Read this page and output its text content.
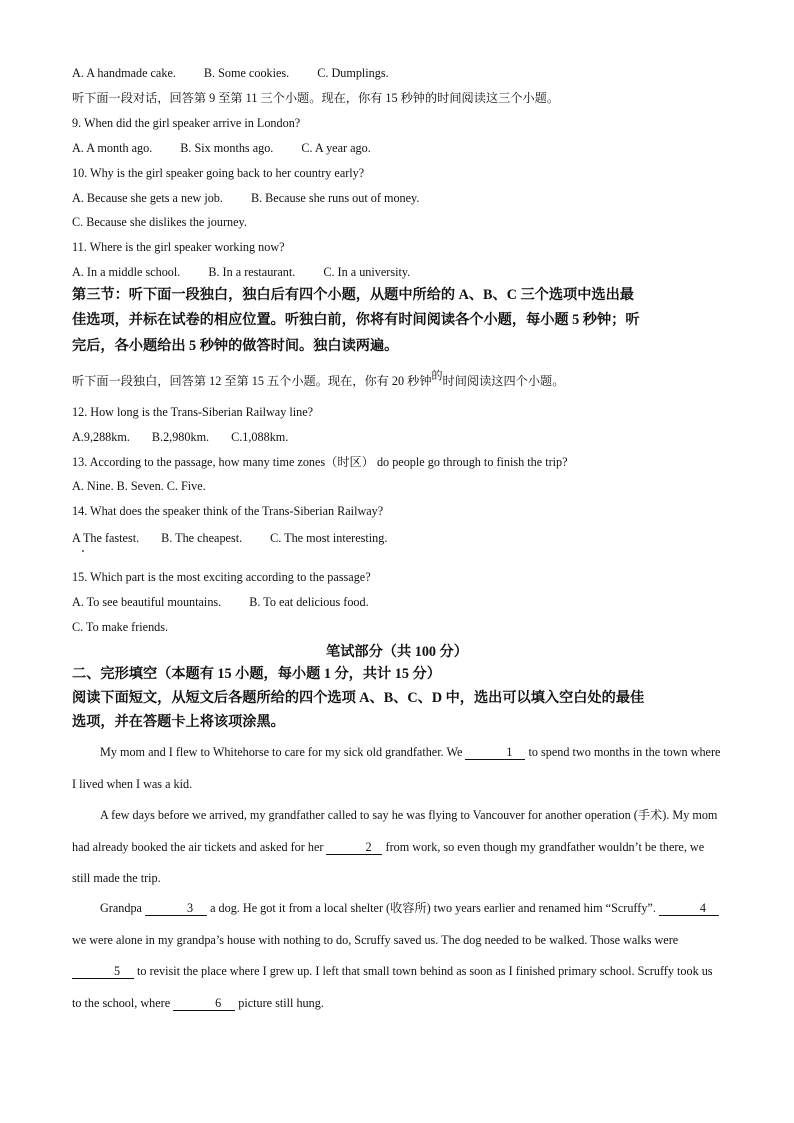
A. A handmade cake. B. Some cookies. C. Dumplings.
听下面一段对话，回答第 9 至第 11 三个小题。现在，你有 15 秒钟的时间阅读这三个小题。
9. When did the girl speaker arrive in London?
A. A month ago. B. Six months ago. C. A year ago.
10. Why is the girl speaker going back to her country early?
A. Because she gets a new job. B. Because she runs out of money.
C. Because she dislikes the journey.
11. Where is the girl speaker working now?
A. In a middle school. B. In a restaurant. C. In a university.
第三节：听下面一段独白，独白后有四个小题，从题中所给的 A、B、C 三个选项中选出最
佳选项，并标在试卷的相应位置。听独白前，你将有时间阅读各个小题，每小题 5 秒钟；听
完后，各小题给出 5 秒钟的做答时间。独白读两遍。
听下面一段独白，回答第 12 至第 15 五个小题。现在，你有 20 秒钟的时间阅读这四个小题。
12. How long is the Trans-Siberian Railway line?
A.9,288km. B.2,980km. C.1,088km.
13. According to the passage, how many time zones（时区） do people go through to finish the trip?
A. Nine. B. Seven. C. Five.
14. What does the speaker think of the Trans-Siberian Railway?
A The fastest. B. The cheapest. C. The most interesting.
15. Which part is the most exciting according to the passage?
A. To see beautiful mountains. B. To eat delicious food.
C. To make friends.
笔试部分（共 100 分）
二、完形填空（本题有 15 小题，每小题 1 分，共计 15 分）
阅读下面短文，从短文后各题所给的四个选项 A、B、C、D 中，选出可以填入空白处的最佳
选项，并在答题卡上将该项涂黑。
My mom and I flew to Whitehorse to care for my sick old grandfather. We	1 to spend two months in the town where I lived when I was a kid.
A few days before we arrived, my grandfather called to say he was flying to Vancouver for another operation (手术). My mom had already booked the air tickets and asked for her	2 from work, so even though my grandfather wouldn’t be there, we still made the trip.
Grandpa	3 a dog. He got it from a local shelter (收容所) two years earlier and renamed him “Scruffy”.	4 we were alone in my grandpa’s house with nothing to do, Scruffy saved us. The dog needed to be walked. Those walks were 5 to revisit the place where I grew up. I left that small town behind as soon as I finished primary school. Scruffy took us to the school, where	6 picture still hung.
